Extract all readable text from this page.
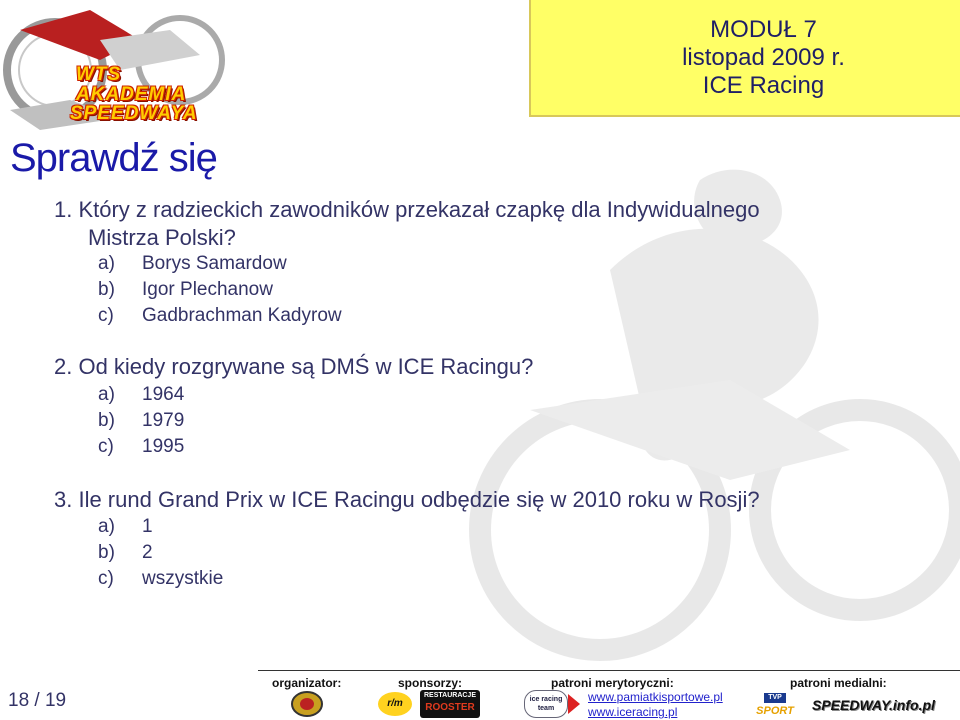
WTS
AKADEMIA
SPEEDWAYA
MODUŁ 7
listopad 2009 r.
ICE Racing
Sprawdź się
1. Który z radzieckich zawodników przekazał czapkę dla Indywidualnego
Mistrza Polski?
a) Borys Samardow
b) Igor Plechanow
c) Gadbrachman Kadyrow
2. Od kiedy rozgrywane są DMŚ w ICE Racingu?
a) 1964
b) 1979
c) 1995
3. Ile rund Grand Prix w ICE Racingu odbędzie się w 2010 roku w Rosji?
a) 1
b) 2
c) wszystkie
18 / 19
organizator:	sponsorzy:	patroni merytoryczni:	patroni medialni:
r/m
RESTAURACJE
ROOSTER
ice racing team
www.pamiatkisportowe.pl
www.iceracing.pl
TVP
SPORT	SPEEDWAY.info.pl
